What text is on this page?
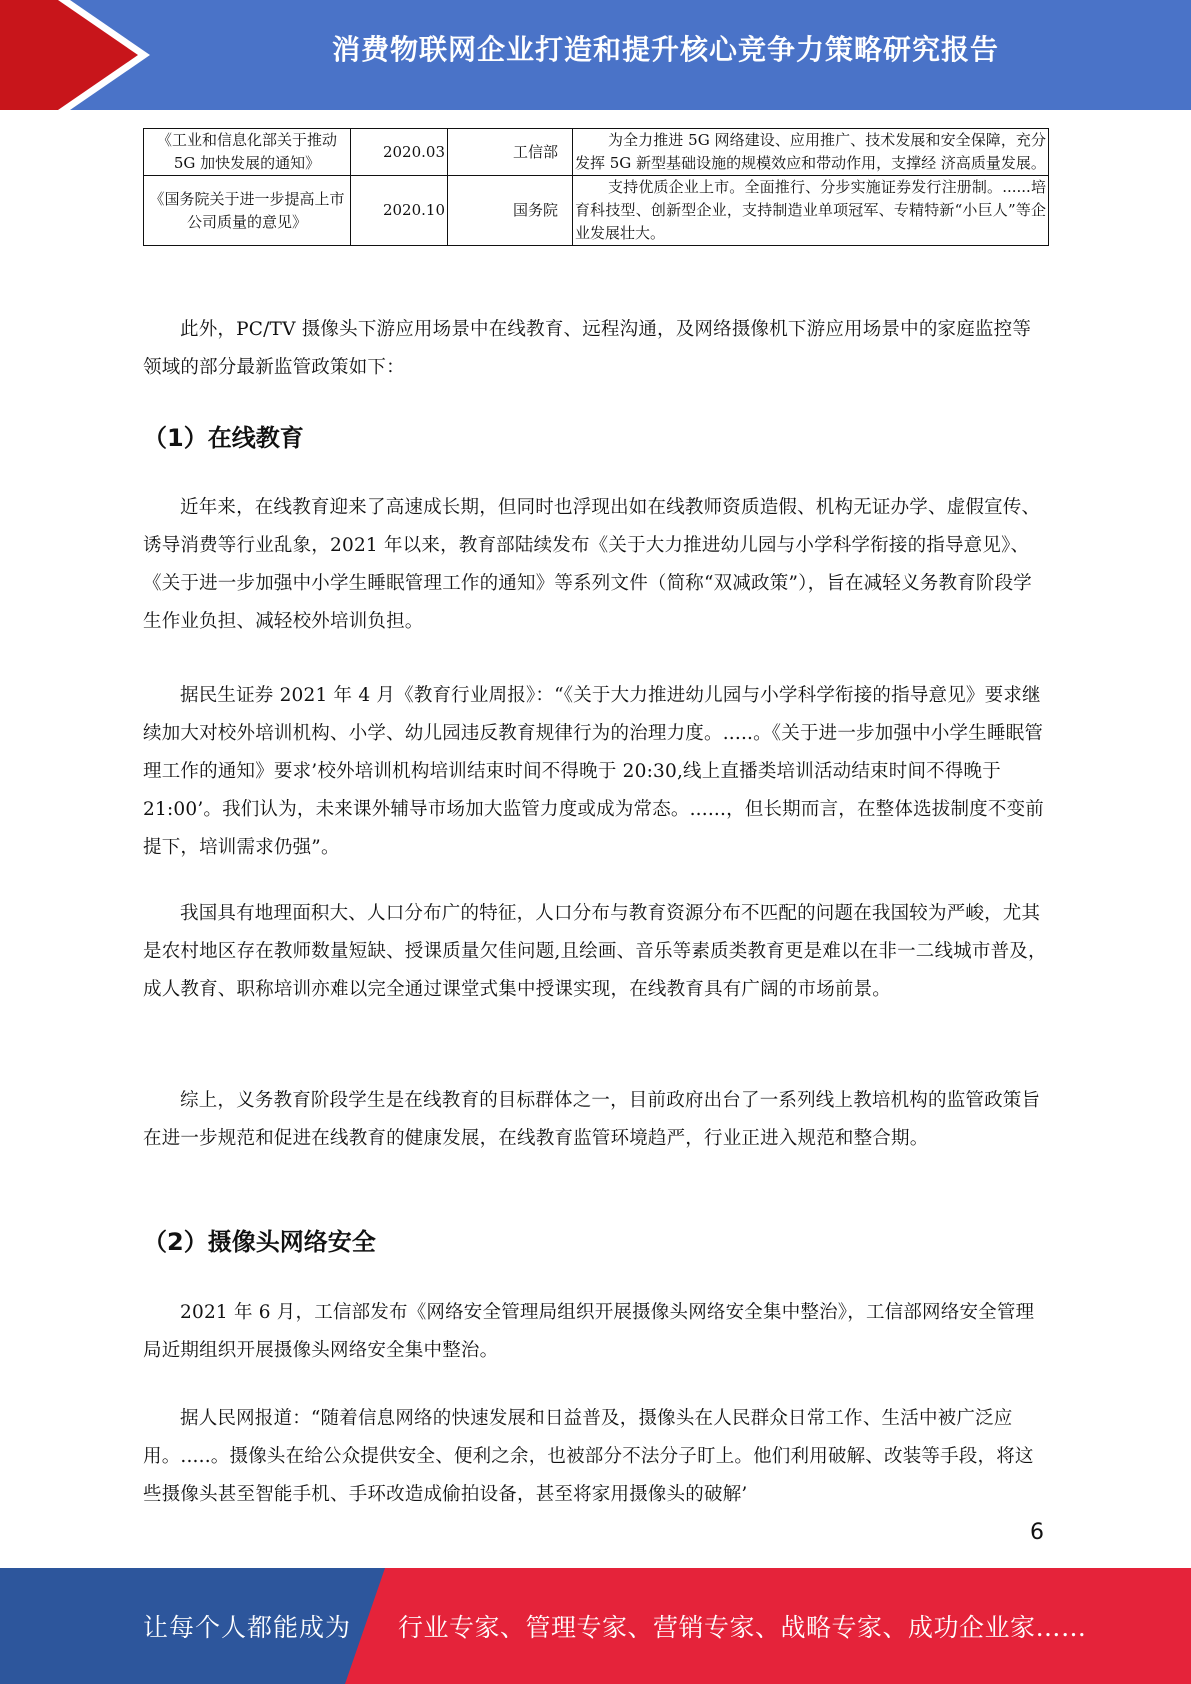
消费物联网企业打造和提升核心竞争力策略研究报告
《工业和信息化部关于推动 5G 加快发展的通知》	2020.03	工信部	为全力推进 5G 网络建设、应用推广、技术发展和安全保障，充分发挥 5G 新型基础设施的规模效应和带动作用，支撑经 济高质量发展。
《国务院关于进一步提高上市公司质量的意见》	2020.10	国务院	支持优质企业上市。全面推行、分步实施证券发行注册制。......培育科技型、创新型企业，支持制造业单项冠军、专精特新“小巨人”等企业发展壮大。

此外，PC/TV 摄像头下游应用场景中在线教育、远程沟通，及网络摄像机下游应用场景中的家庭监控等领域的部分最新监管政策如下：

（1）在线教育

近年来，在线教育迎来了高速成长期，但同时也浮现出如在线教师资质造假、机构无证办学、虚假宣传、诱导消费等行业乱象，2021 年以来，教育部陆续发布《关于大力推进幼儿园与小学科学衔接的指导意见》、《关于进一步加强中小学生睡眠管理工作的通知》等系列文件（简称“双减政策”），旨在减轻义务教育阶段学生作业负担、减轻校外培训负担。

据民生证券 2021 年 4 月《教育行业周报》：“《关于大力推进幼儿园与小学科学衔接的指导意见》要求继续加大对校外培训机构、小学、幼儿园违反教育规律行为的治理力度。.....。《关于进一步加强中小学生睡眠管理工作的通知》要求’校外培训机构培训结束时间不得晚于 20:30,线上直播类培训活动结束时间不得晚于 21:00’。我们认为，未来课外辅导市场加大监管力度或成为常态。......，但长期而言，在整体选拔制度不变前提下，培训需求仍强”。

我国具有地理面积大、人口分布广的特征，人口分布与教育资源分布不匹配的问题在我国较为严峻，尤其是农村地区存在教师数量短缺、授课质量欠佳问题,且绘画、音乐等素质类教育更是难以在非一二线城市普及，成人教育、职称培训亦难以完全通过课堂式集中授课实现，在线教育具有广阔的市场前景。

综上，义务教育阶段学生是在线教育的目标群体之一，目前政府出台了一系列线上教培机构的监管政策旨在进一步规范和促进在线教育的健康发展，在线教育监管环境趋严，行业正进入规范和整合期。

（2）摄像头网络安全

2021 年 6 月，工信部发布《网络安全管理局组织开展摄像头网络安全集中整治》，工信部网络安全管理局近期组织开展摄像头网络安全集中整治。

据人民网报道：“随着信息网络的快速发展和日益普及，摄像头在人民群众日常工作、生活中被广泛应用。.....。摄像头在给公众提供安全、便利之余，也被部分不法分子盯上。他们利用破解、改装等手段，将这些摄像头甚至智能手机、手环改造成偷拍设备，甚至将家用摄像头的破解’

6
让每个人都能成为 行业专家、管理专家、营销专家、战略专家、成功企业家……
